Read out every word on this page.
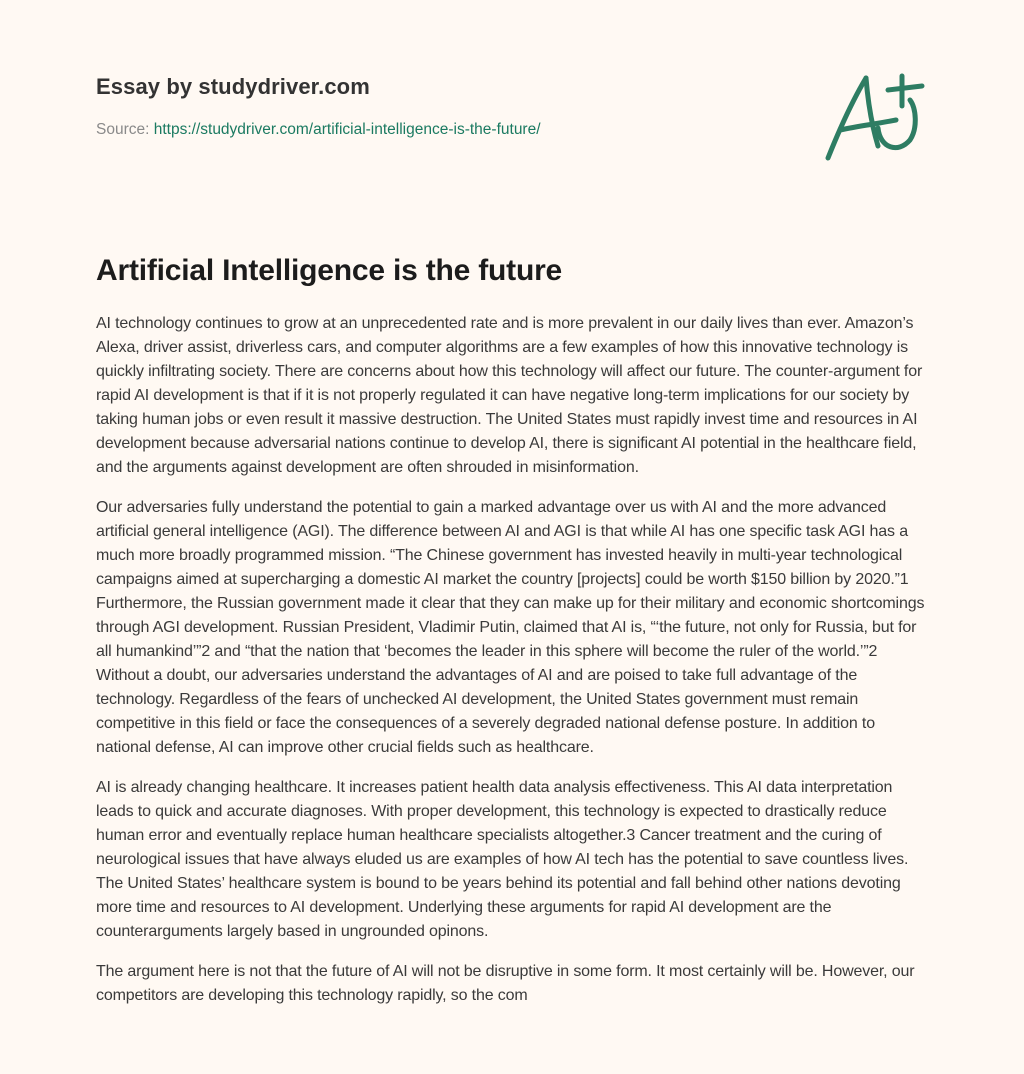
Essay by studydriver.com
Source: https://studydriver.com/artificial-intelligence-is-the-future/
Artificial Intelligence is the future

AI technology continues to grow at an unprecedented rate and is more prevalent in our daily lives than ever. Amazon’s Alexa, driver assist, driverless cars, and computer algorithms are a few examples of how this innovative technology is quickly infiltrating society. There are concerns about how this technology will affect our future. The counter-argument for rapid AI development is that if it is not properly regulated it can have negative long-term implications for our society by taking human jobs or even result it massive destruction. The United States must rapidly invest time and resources in AI development because adversarial nations continue to develop AI, there is significant AI potential in the healthcare field, and the arguments against development are often shrouded in misinformation.

Our adversaries fully understand the potential to gain a marked advantage over us with AI and the more advanced artificial general intelligence (AGI). The difference between AI and AGI is that while AI has one specific task AGI has a much more broadly programmed mission. “The Chinese government has invested heavily in multi-year technological campaigns aimed at supercharging a domestic AI market the country [projects] could be worth $150 billion by 2020.”1 Furthermore, the Russian government made it clear that they can make up for their military and economic shortcomings through AGI development. Russian President, Vladimir Putin, claimed that AI is, “‘the future, not only for Russia, but for all humankind’”2 and “that the nation that ‘becomes the leader in this sphere will become the ruler of the world.’”2 Without a doubt, our adversaries understand the advantages of AI and are poised to take full advantage of the technology. Regardless of the fears of unchecked AI development, the United States government must remain competitive in this field or face the consequences of a severely degraded national defense posture. In addition to national defense, AI can improve other crucial fields such as healthcare.

AI is already changing healthcare. It increases patient health data analysis effectiveness. This AI data interpretation leads to quick and accurate diagnoses. With proper development, this technology is expected to drastically reduce human error and eventually replace human healthcare specialists altogether.3 Cancer treatment and the curing of neurological issues that have always eluded us are examples of how AI tech has the potential to save countless lives. The United States’ healthcare system is bound to be years behind its potential and fall behind other nations devoting more time and resources to AI development. Underlying these arguments for rapid AI development are the counterarguments largely based in ungrounded opinons.

The argument here is not that the future of AI will not be disruptive in some form. It most certainly will be. However, our competitors are developing this technology rapidly, so the com
